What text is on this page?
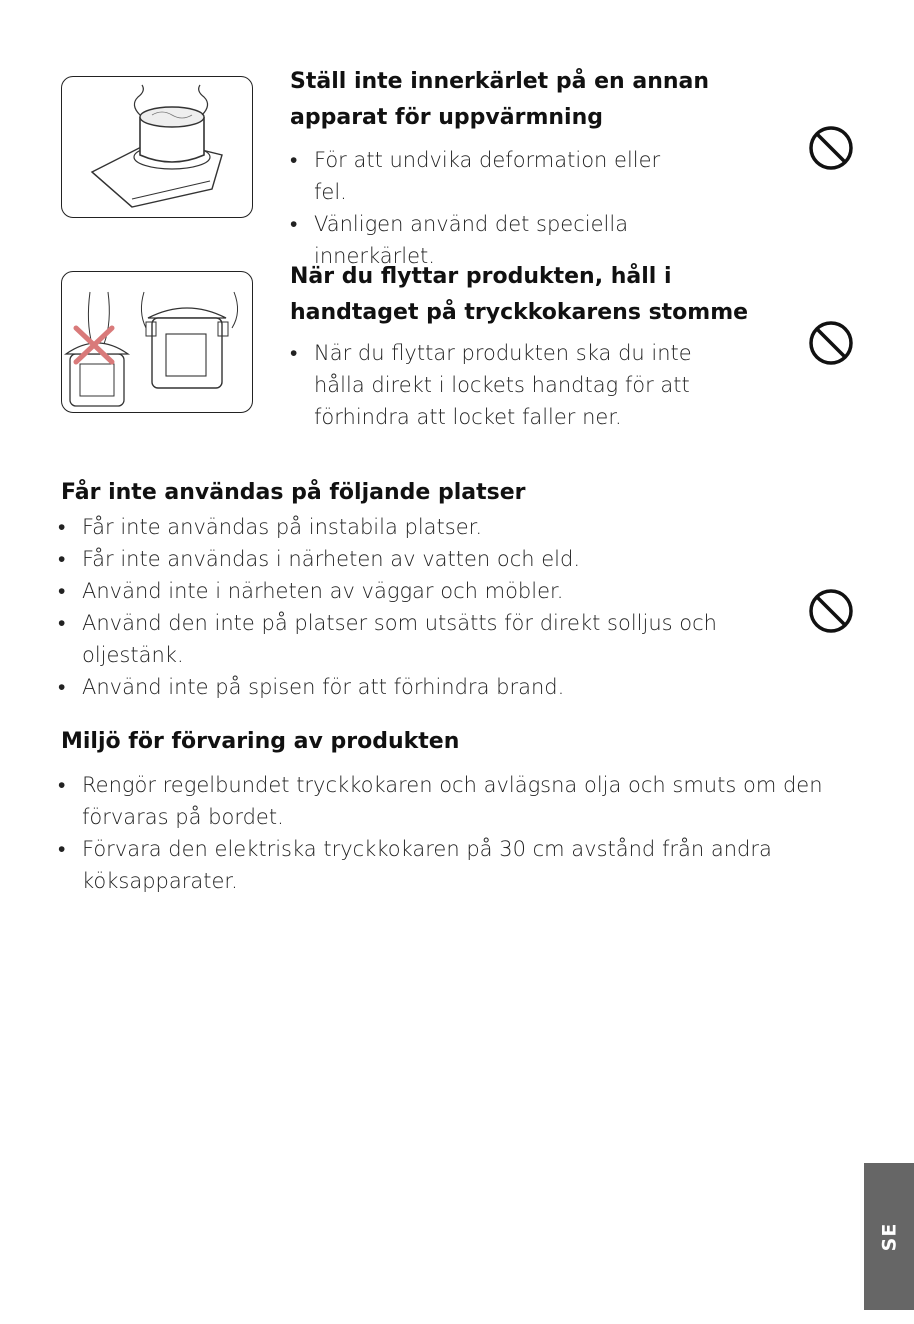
Ställ inte innerkärlet på en annan
apparat för uppvärmning
• För att undvika deformation eller fel.
• Vänligen använd det speciella innerkärlet.
När du flyttar produkten, håll i
handtaget på tryckkokarens stomme
• När du flyttar produkten ska du inte hålla direkt i lockets handtag för att förhindra att locket faller ner.
Får inte användas på följande platser
• Får inte användas på instabila platser.
• Får inte användas i närheten av vatten och eld.
• Använd inte i närheten av väggar och möbler.
• Använd den inte på platser som utsätts för direkt solljus och oljestänk.
• Använd inte på spisen för att förhindra brand.
Miljö för förvaring av produkten
• Rengör regelbundet tryckkokaren och avlägsna olja och smuts om den förvaras på bordet.
• Förvara den elektriska tryckkokaren på 30 cm avstånd från andra köksapparater.
SE
